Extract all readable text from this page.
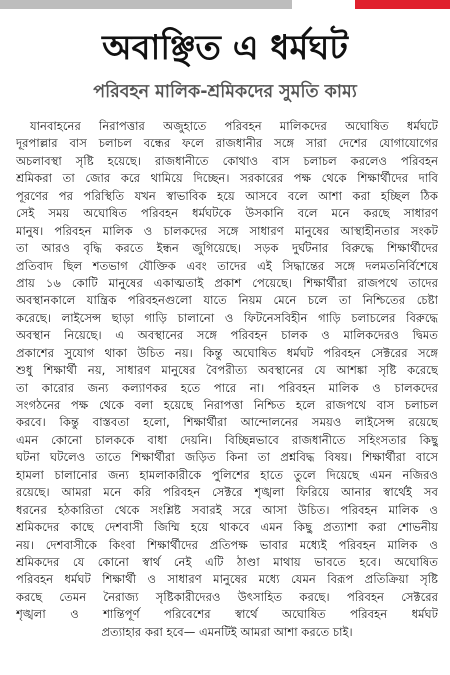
অবাঞ্ছিত এ ধর্মঘট
পরিবহন মালিক-শ্রমিকদের সুমতি কাম্য
যানবাহনের নিরাপত্তার অজুহাতে পরিবহন মালিকদের অঘোষিত ধর্মঘটে
দূরপাল্লার বাস চলাচল বন্ধের ফলে রাজধানীর সঙ্গে সারা দেশের যোগাযোগের
অচলাবস্থা সৃষ্টি হয়েছে। রাজধানীতে কোথাও বাস চলাচল করলেও পরিবহন
শ্রমিকরা তা জোর করে থামিয়ে দিচ্ছেন। সরকারের পক্ষ থেকে শিক্ষার্থীদের দাবি
পূরণের পর পরিস্থিতি যখন স্বাভাবিক হয়ে আসবে বলে আশা করা হচ্ছিল ঠিক
সেই সময় অঘোষিত পরিবহন ধর্মঘটকে উসকানি বলে মনে করছে সাধারণ
মানুষ। পরিবহন মালিক ও চালকদের সঙ্গে সাধারণ মানুষের আস্থাহীনতার সংকট
তা আরও বৃদ্ধি করতে ইন্ধন জুগিয়েছে। সড়ক দুর্ঘটনার বিরুদ্ধে শিক্ষার্থীদের
প্রতিবাদ ছিল শতভাগ যৌক্তিক এবং তাদের এই সিদ্ধান্তের সঙ্গে দলমতনির্বিশেষে
প্রায় ১৬ কোটি মানুষের একাত্মতাই প্রকাশ পেয়েছে। শিক্ষার্থীরা রাজপথে তাদের
অবস্থানকালে যান্ত্রিক পরিবহনগুলো যাতে নিয়ম মেনে চলে তা নিশ্চিতের চেষ্টা
করেছে। লাইসেন্স ছাড়া গাড়ি চালানো ও ফিটনেসবিহীন গাড়ি চলাচলের বিরুদ্ধে
অবস্থান নিয়েছে। এ অবস্থানের সঙ্গে পরিবহন চালক ও মালিকদেরও দ্বিমত
প্রকাশের সুযোগ থাকা উচিত নয়। কিন্তু অঘোষিত ধর্মঘট পরিবহন সেক্টরের সঙ্গে
শুধু শিক্ষার্থী নয়, সাধারণ মানুষের বৈপরীত্য অবস্থানের যে আশঙ্কা সৃষ্টি করেছে
তা কারোর জন্য কল্যাণকর হতে পারে না। পরিবহন মালিক ও চালকদের
সংগঠনের পক্ষ থেকে বলা হয়েছে নিরাপত্তা নিশ্চিত হলে রাজপথে বাস চলাচল
করবে। কিন্তু বাস্তবতা হলো, শিক্ষার্থীরা আন্দোলনের সময়ও লাইসেন্স রয়েছে
এমন কোনো চালককে বাধা দেয়নি। বিচ্ছিন্নভাবে রাজধানীতে সহিংসতার কিছু
ঘটনা ঘটলেও তাতে শিক্ষার্থীরা জড়িত কিনা তা প্রশ্নবিদ্ধ বিষয়। শিক্ষার্থীরা বাসে
হামলা চালানোর জন্য হামলাকারীকে পুলিশের হাতে তুলে দিয়েছে এমন নজিরও
রয়েছে। আমরা মনে করি পরিবহন সেক্টরে শৃঙ্খলা ফিরিয়ে আনার স্বার্থেই সব
ধরনের হঠকারিতা থেকে সংশ্লিষ্ট সবারই সরে আসা উচিত। পরিবহন মালিক ও
শ্রমিকদের কাছে দেশবাসী জিম্মি হয়ে থাকবে এমন কিছু প্রত্যাশা করা শোভনীয়
নয়। দেশবাসীকে কিংবা শিক্ষার্থীদের প্রতিপক্ষ ভাবার মধ্যেই পরিবহন মালিক ও
শ্রমিকদের যে কোনো স্বার্থ নেই এটি ঠাণ্ডা মাথায় ভাবতে হবে। অঘোষিত
পরিবহন ধর্মঘট শিক্ষার্থী ও সাধারণ মানুষের মধ্যে যেমন বিরূপ প্রতিক্রিয়া সৃষ্টি
করছে তেমন নৈরাজ্য সৃষ্টিকারীদেরও উৎসাহিত করছে। পরিবহন সেক্টরের
শৃঙ্খলা ও শান্তিপূর্ণ পরিবেশের স্বার্থে অঘোষিত পরিবহন ধর্মঘট
প্রত্যাহার করা হবে— এমনটিই আমরা আশা করতে চাই।
